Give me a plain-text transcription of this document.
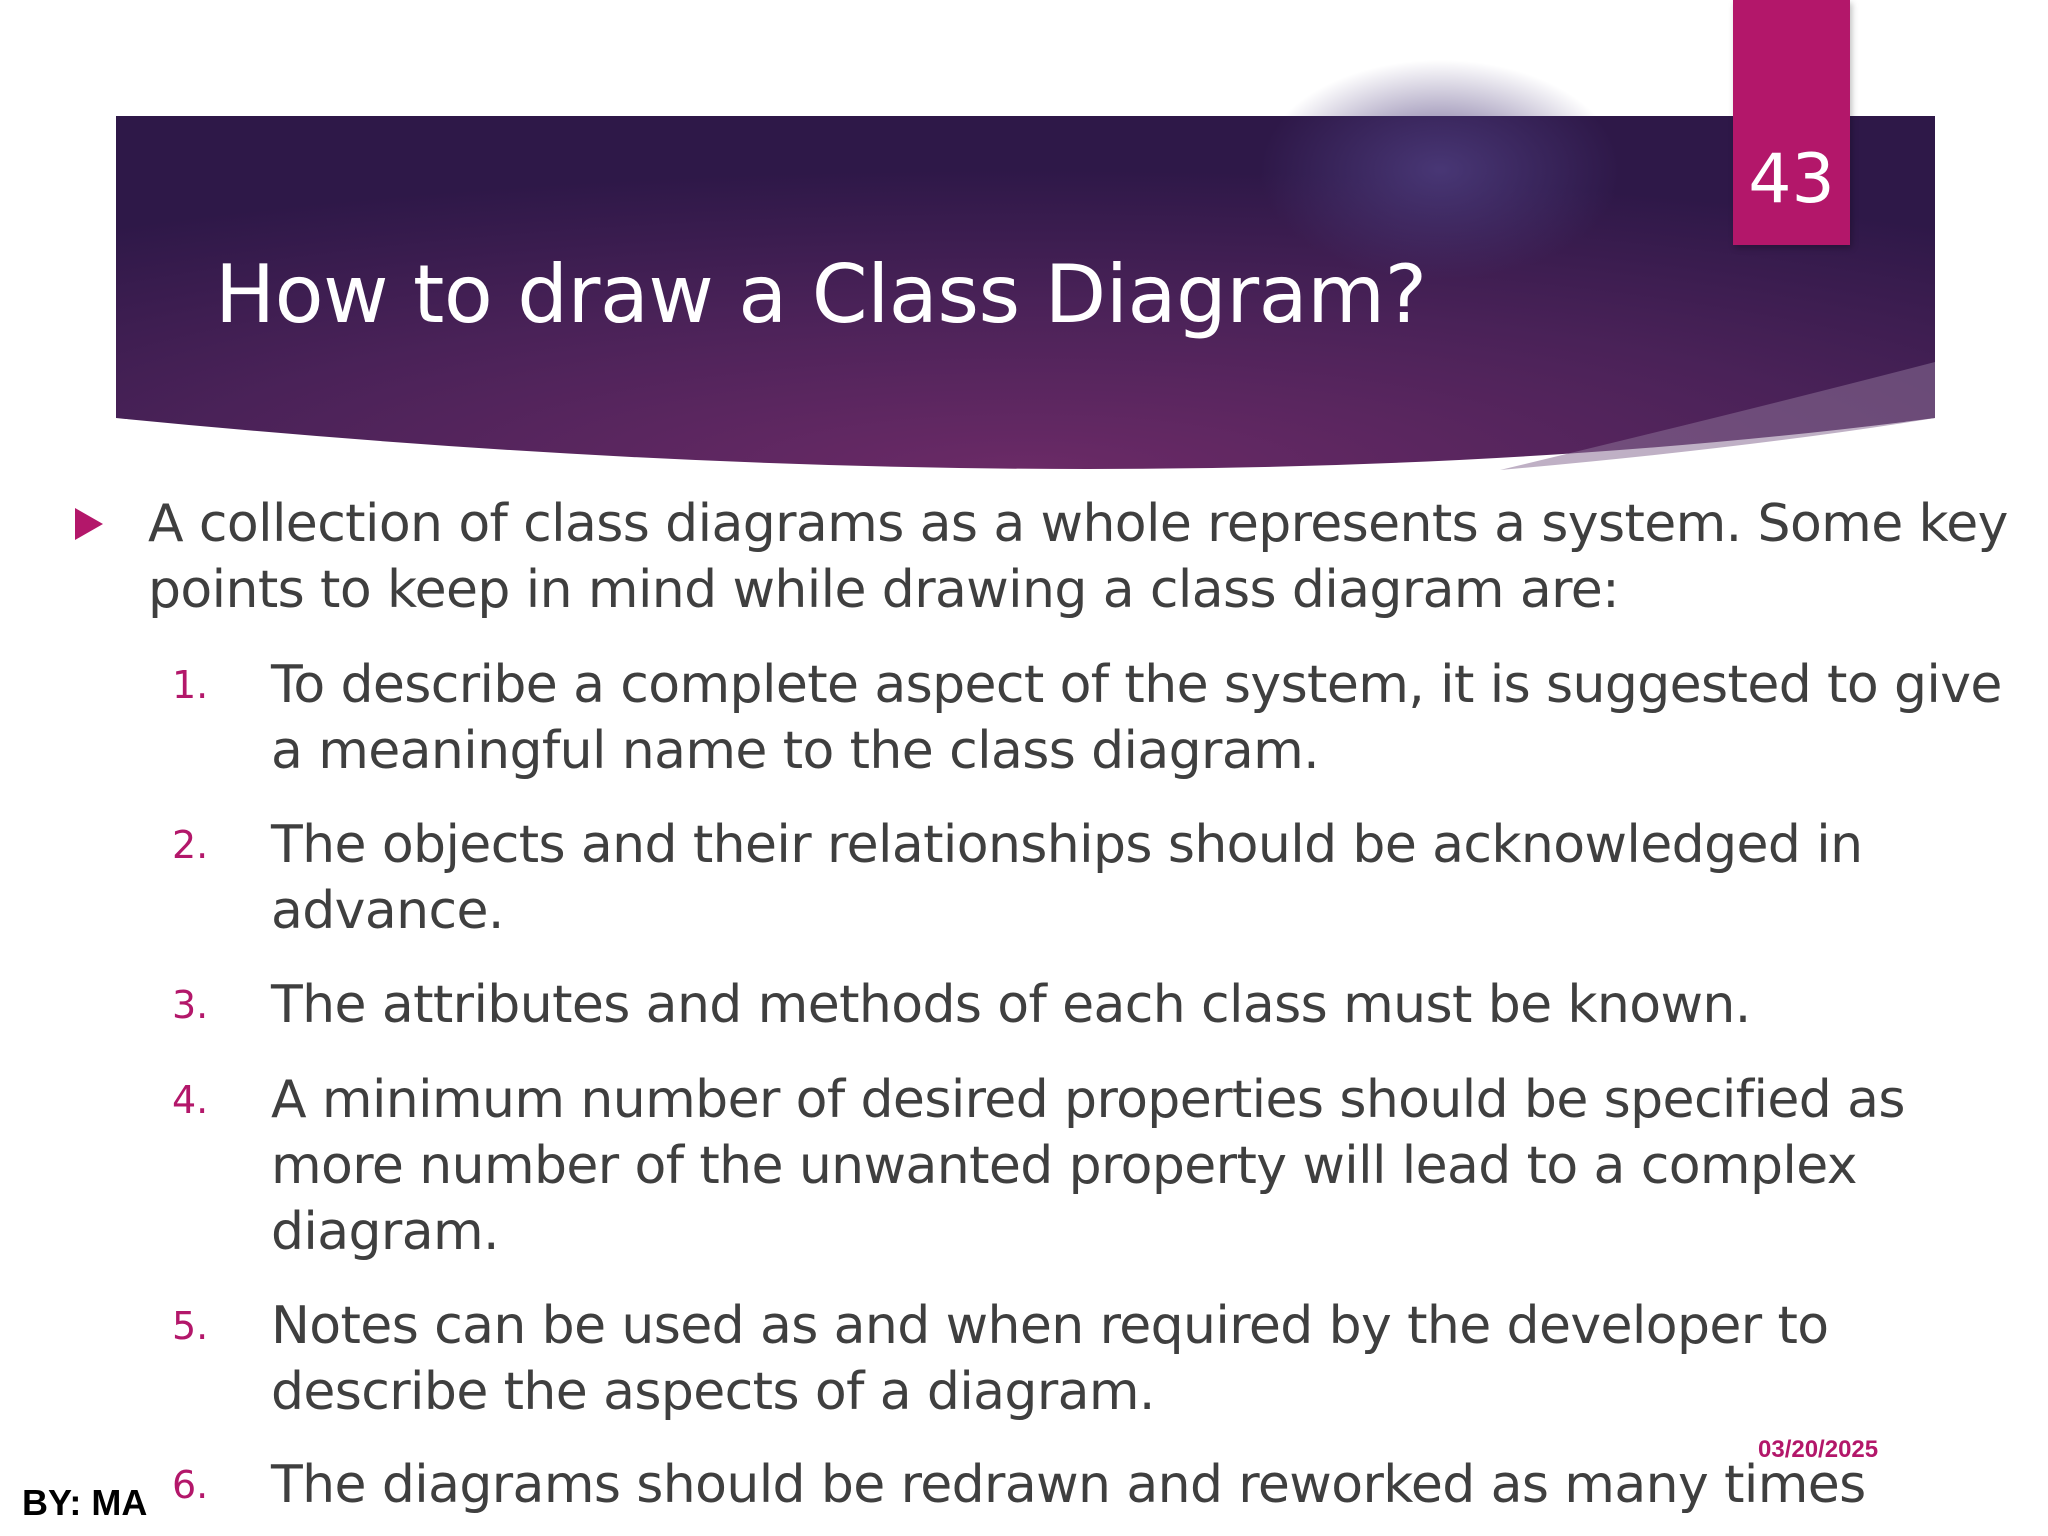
43
How to draw a Class Diagram?
A collection of class diagrams as a whole represents a system. Some key points to keep in mind while drawing a class diagram are:
1. To describe a complete aspect of the system, it is suggested to give a meaningful name to the class diagram.
2. The objects and their relationships should be acknowledged in advance.
3. The attributes and methods of each class must be known.
4. A minimum number of desired properties should be specified as more number of the unwanted property will lead to a complex diagram.
5. Notes can be used as and when required by the developer to describe the aspects of a diagram.
6. The diagrams should be redrawn and reworked as many times
03/20/2025
BY: MA
